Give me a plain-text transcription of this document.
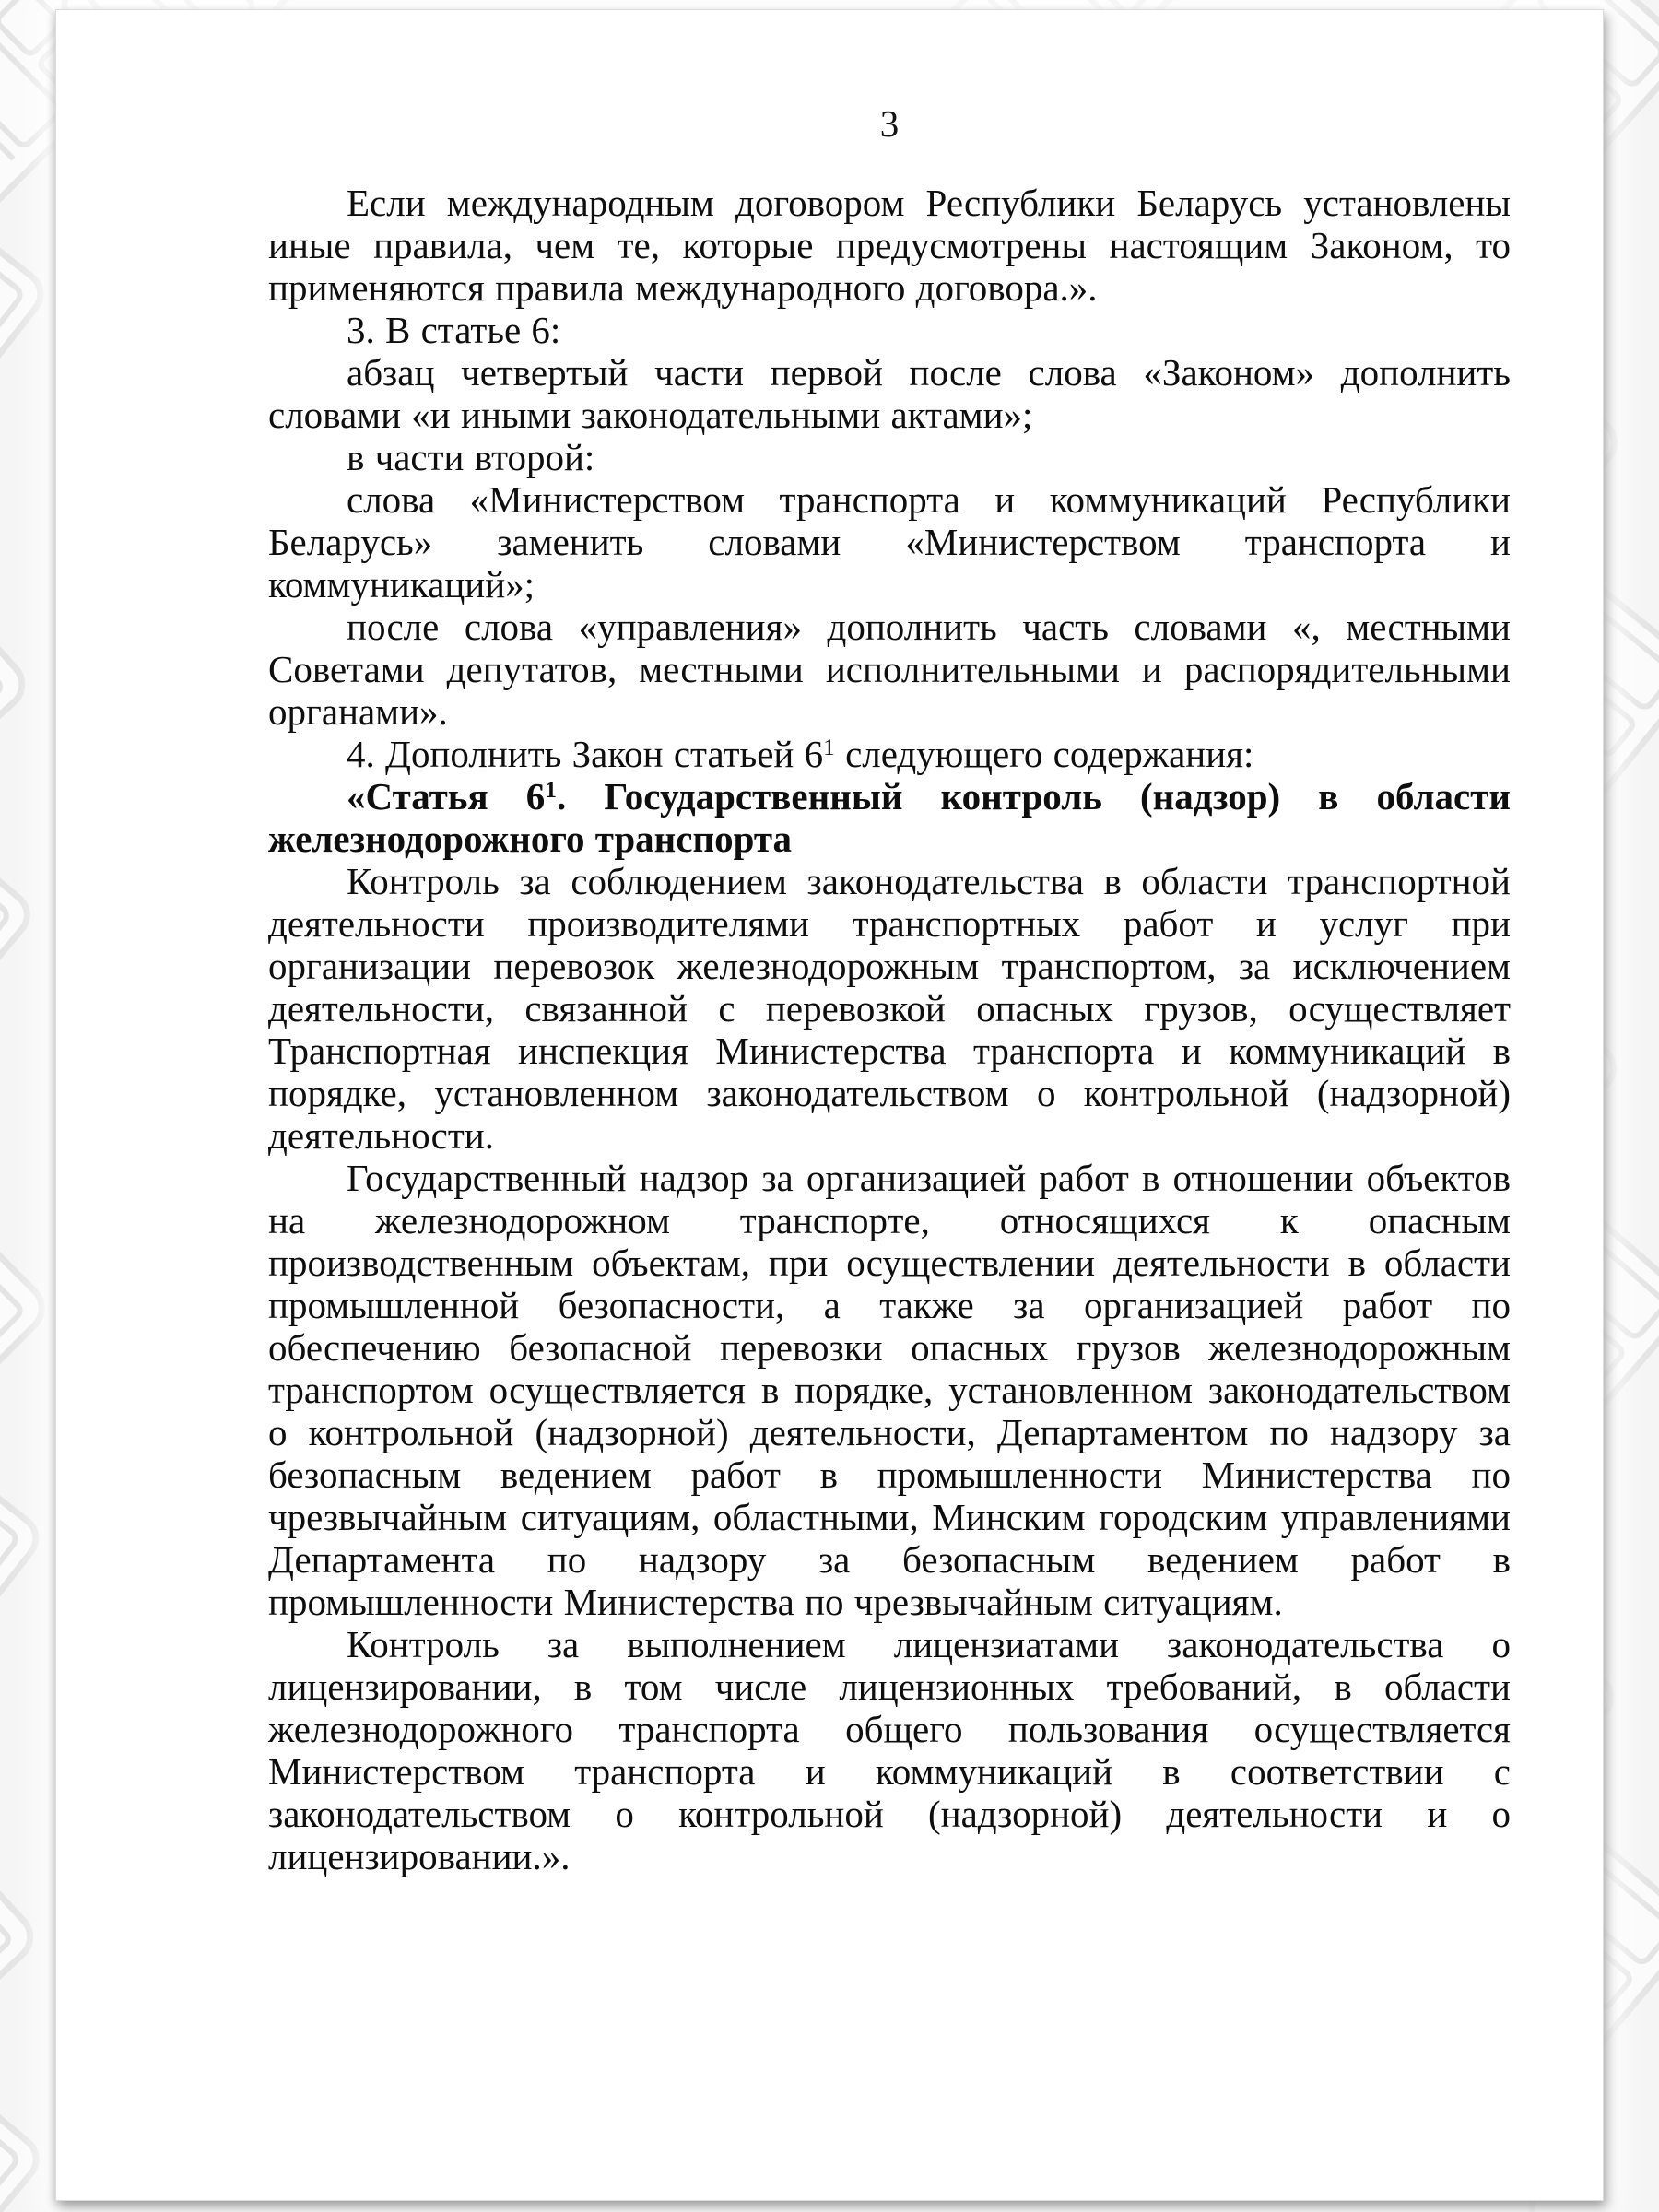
3

Если международным договором Республики Беларусь установлены иные правила, чем те, которые предусмотрены настоящим Законом, то применяются правила международного договора.».

3. В статье 6:

абзац четвертый части первой после слова «Законом» дополнить словами «и иными законодательными актами»;

в части второй:

слова «Министерством транспорта и коммуникаций Республики Беларусь» заменить словами «Министерством транспорта и коммуникаций»;

после слова «управления» дополнить часть словами «, местными Советами депутатов, местными исполнительными и распорядительными органами».

4. Дополнить Закон статьей $6^1$ следующего содержания:

«Статья $6^1$. Государственный контроль (надзор) в области железнодорожного транспорта

Контроль за соблюдением законодательства в области транспортной деятельности производителями транспортных работ и услуг при организации перевозок железнодорожным транспортом, за исключением деятельности, связанной с перевозкой опасных грузов, осуществляет Транспортная инспекция Министерства транспорта и коммуникаций в порядке, установленном законодательством о контрольной (надзорной) деятельности.

Государственный надзор за организацией работ в отношении объектов на железнодорожном транспорте, относящихся к опасным производственным объектам, при осуществлении деятельности в области промышленной безопасности, а также за организацией работ по обеспечению безопасной перевозки опасных грузов железнодорожным транспортом осуществляется в порядке, установленном законодательством о контрольной (надзорной) деятельности, Департаментом по надзору за безопасным ведением работ в промышленности Министерства по чрезвычайным ситуациям, областными, Минским городским управлениями Департамента по надзору за безопасным ведением работ в промышленности Министерства по чрезвычайным ситуациям.

Контроль за выполнением лицензиатами законодательства о лицензировании, в том числе лицензионных требований, в области железнодорожного транспорта общего пользования осуществляется Министерством транспорта и коммуникаций в соответствии с законодательством о контрольной (надзорной) деятельности и о лицензировании.».
